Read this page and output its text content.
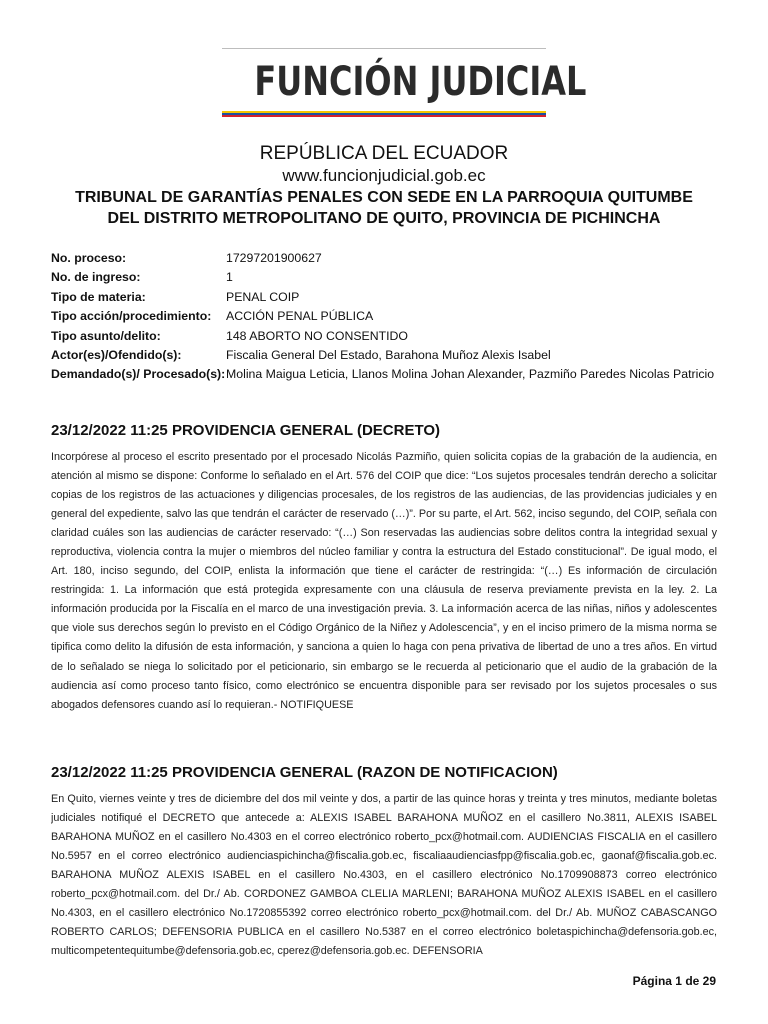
FUNCIÓN JUDICIAL
REPÚBLICA DEL ECUADOR
www.funcionjudicial.gob.ec
TRIBUNAL DE GARANTÍAS PENALES CON SEDE EN LA PARROQUIA QUITUMBE
DEL DISTRITO METROPOLITANO DE QUITO, PROVINCIA DE PICHINCHA
No. proceso:	17297201900627
No. de ingreso:	1
Tipo de materia:	PENAL COIP
Tipo acción/procedimiento:	ACCIÓN PENAL PÚBLICA
Tipo asunto/delito:	148 ABORTO NO CONSENTIDO
Actor(es)/Ofendido(s):	Fiscalia General Del Estado, Barahona Muñoz Alexis Isabel
Demandado(s)/ Procesado(s): Molina Maigua Leticia, Llanos Molina Johan Alexander, Pazmiño Paredes Nicolas Patricio
23/12/2022 11:25 PROVIDENCIA GENERAL (DECRETO)
Incorpórese al proceso el escrito presentado por el procesado Nicolás Pazmiño, quien solicita copias de la grabación de la audiencia, en atención al mismo se dispone: Conforme lo señalado en el Art. 576 del COIP que dice: “Los sujetos procesales tendrán derecho a solicitar copias de los registros de las actuaciones y diligencias procesales, de los registros de las audiencias, de las providencias judiciales y en general del expediente, salvo las que tendrán el carácter de reservado (…)”. Por su parte, el Art. 562, inciso segundo, del COIP, señala con claridad cuáles son las audiencias de carácter reservado: “(…) Son reservadas las audiencias sobre delitos contra la integridad sexual y reproductiva, violencia contra la mujer o miembros del núcleo familiar y contra la estructura del Estado constitucional”. De igual modo, el Art. 180, inciso segundo, del COIP, enlista la información que tiene el carácter de restringida: “(…) Es información de circulación restringida: 1. La información que está protegida expresamente con una cláusula de reserva previamente prevista en la ley. 2. La información producida por la Fiscalía en el marco de una investigación previa. 3. La información acerca de las niñas, niños y adolescentes que viole sus derechos según lo previsto en el Código Orgánico de la Niñez y Adolescencia”, y en el inciso primero de la misma norma se tipifica como delito la difusión de esta información, y sanciona a quien lo haga con pena privativa de libertad de uno a tres años. En virtud de lo señalado se niega lo solicitado por el peticionario, sin embargo se le recuerda al peticionario que el audio de la grabación de la audiencia así como proceso tanto físico, como electrónico se encuentra disponible para ser revisado por los sujetos procesales o sus abogados defensores cuando así lo requieran.- NOTIFIQUESE
23/12/2022 11:25 PROVIDENCIA GENERAL (RAZON DE NOTIFICACION)
En Quito, viernes veinte y tres de diciembre del dos mil veinte y dos, a partir de las quince horas y treinta y tres minutos, mediante boletas judiciales notifiqué el DECRETO que antecede a: ALEXIS ISABEL BARAHONA MUÑOZ en el casillero No.3811, ALEXIS ISABEL BARAHONA MUÑOZ en el casillero No.4303 en el correo electrónico roberto_pcx@hotmail.com. AUDIENCIAS FISCALIA en el casillero No.5957 en el correo electrónico audienciaspichincha@fiscalia.gob.ec, fiscaliaaudienciasfpp@fiscalia.gob.ec, gaonaf@fiscalia.gob.ec. BARAHONA MUÑOZ ALEXIS ISABEL en el casillero No.4303, en el casillero electrónico No.1709908873 correo electrónico roberto_pcx@hotmail.com. del Dr./ Ab. CORDONEZ GAMBOA CLELIA MARLENI; BARAHONA MUÑOZ ALEXIS ISABEL en el casillero No.4303, en el casillero electrónico No.1720855392 correo electrónico roberto_pcx@hotmail.com. del Dr./ Ab. MUÑOZ CABASCANGO ROBERTO CARLOS; DEFENSORIA PUBLICA en el casillero No.5387 en el correo electrónico boletaspichincha@defensoria.gob.ec, multicompetentequitumbe@defensoria.gob.ec, cperez@defensoria.gob.ec. DEFENSORIA
Página 1 de 29
